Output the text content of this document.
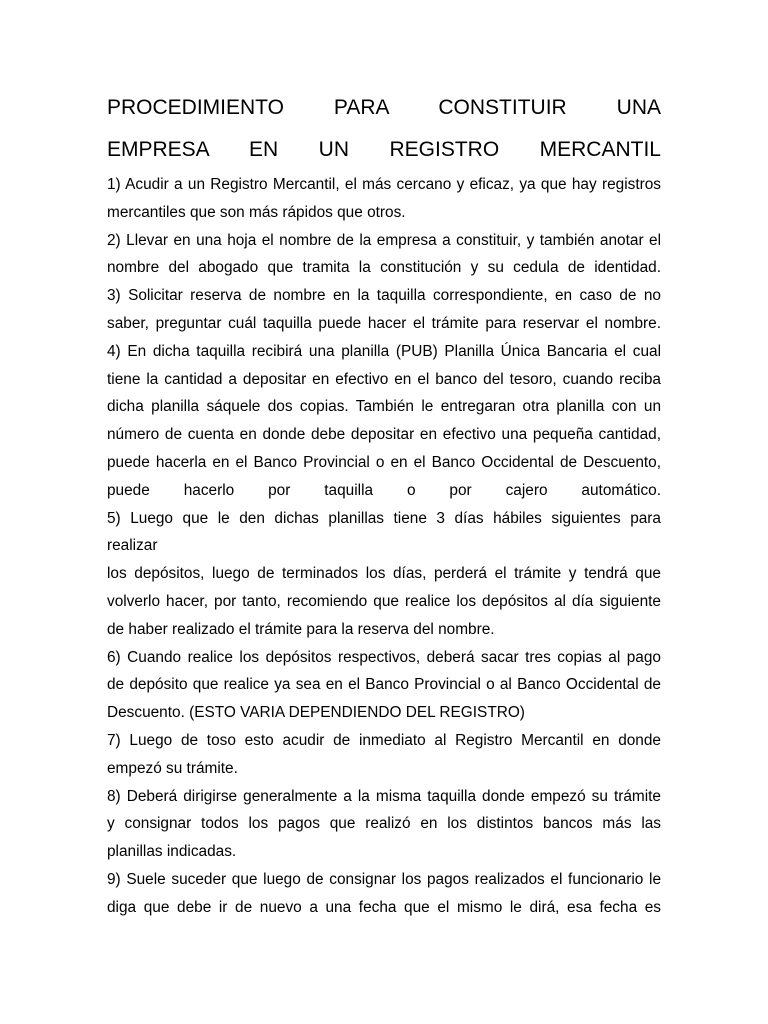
PROCEDIMIENTO PARA CONSTITUIR UNA
EMPRESA EN UN REGISTRO MERCANTIL
1) Acudir a un Registro Mercantil, el más cercano y eficaz, ya que hay registros
mercantiles que son más rápidos que otros.
2) Llevar en una hoja el nombre de la empresa a constituir, y también anotar el
nombre del abogado que tramita la constitución y su cedula de identidad.
3) Solicitar reserva de nombre en la taquilla correspondiente, en caso de no
saber, preguntar cuál taquilla puede hacer el trámite para reservar el nombre.
4) En dicha taquilla recibirá una planilla (PUB) Planilla Única Bancaria el cual
tiene la cantidad a depositar en efectivo en el banco del tesoro, cuando reciba
dicha planilla sáquele dos copias. También le entregaran otra planilla con un
número de cuenta en donde debe depositar en efectivo una pequeña cantidad,
puede hacerla en el Banco Provincial o en el Banco Occidental de Descuento,
puede hacerlo por taquilla o por cajero automático.
5) Luego que le den dichas planillas tiene 3 días hábiles siguientes para
realizar
los depósitos, luego de terminados los días, perderá el trámite y tendrá que
volverlo hacer, por tanto, recomiendo que realice los depósitos al día siguiente
de haber realizado el trámite para la reserva del nombre.
6) Cuando realice los depósitos respectivos, deberá sacar tres copias al pago
de depósito que realice ya sea en el Banco Provincial o al Banco Occidental de
Descuento. (ESTO VARIA DEPENDIENDO DEL REGISTRO)
7) Luego de toso esto acudir de inmediato al Registro Mercantil en donde
empezó su trámite.
8) Deberá dirigirse generalmente a la misma taquilla donde empezó su trámite
y consignar todos los pagos que realizó en los distintos bancos más las
planillas indicadas.
9) Suele suceder que luego de consignar los pagos realizados el funcionario le
diga que debe ir de nuevo a una fecha que el mismo le dirá, esa fecha es
